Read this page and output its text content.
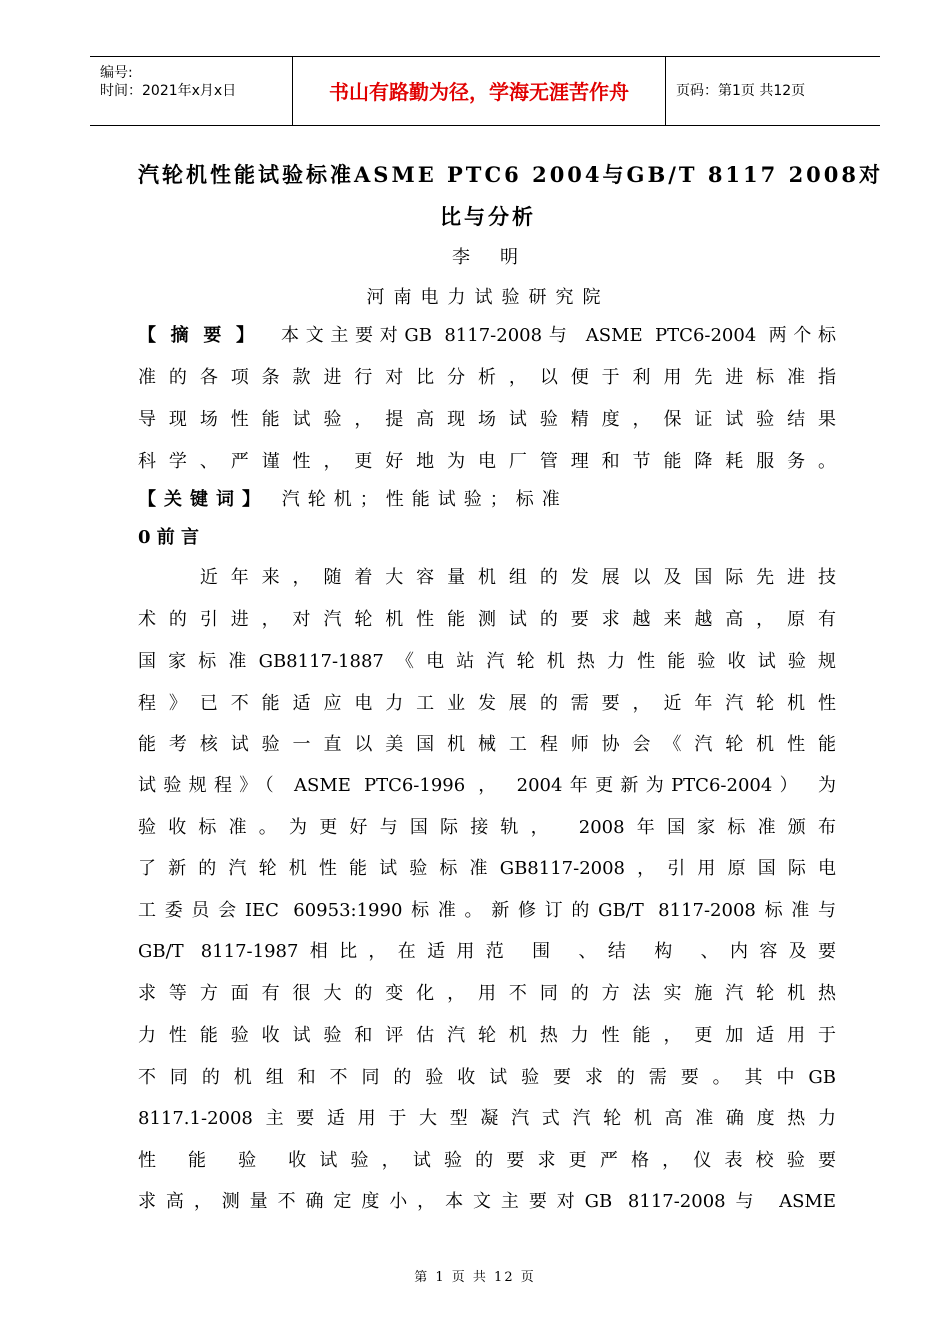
编号:
时间：2021年x月x日	书山有路勤为径，学海无涯苦作舟	页码：第1页 共12页
汽轮机性能试验标准ASME PTC6 2004与GB/T 8117 2008对
比与分析
李　明
河南电力试验研究院
【摘要】 本文主要对GB 8117-2008与 ASME PTC6-2004 两个标
准的各项条款进行对比分析，以便于利用先进标准指
导现场性能试验，提高现场试验精度，保证试验结果
科学、严谨性，更好地为电厂管理和节能降耗服务。
【关键词】 汽轮机；性能试验；标准
0 前 言
　　近年来，随着大容量机组的发展以及国际先进技
术的引进，对汽轮机性能测试的要求越来越高，原有
国家标准GB8117-1887《电站汽轮机热力性能验收试验规
程》已不能适应电力工业发展的需要，近年汽轮机性
能考核试验一直以美国机械工程师协会《汽轮机性能
试验规程》（ ASME PTC6-1996 ， 2004年更新为PTC6-2004） 为
验收标准。为更好与国际接轨， 2008年国家标准颁布
了新的汽轮机性能试验标准GB8117-2008，引用原国际电
工委员会IEC 60953:1990标准。新修订的GB/T 8117-2008标准与
GB/T 8117-1987相比，在适用范 围 、结 构 、内容及要
求等方面有很大的变化，用不同的方法实施汽轮机热
力性能验收试验和评估汽轮机热力性能，更加适用于
不同的机组和不同的验收试验要求的需要。其中GB
8117.1-2008主要适用于大型凝汽式汽轮机高准确度热力
性 能 验 收试验，试验的要求更严格，仪表校验要
求高，测量不确定度小，本文主要对GB 8117-2008与 ASME
第 1 页 共 12 页
